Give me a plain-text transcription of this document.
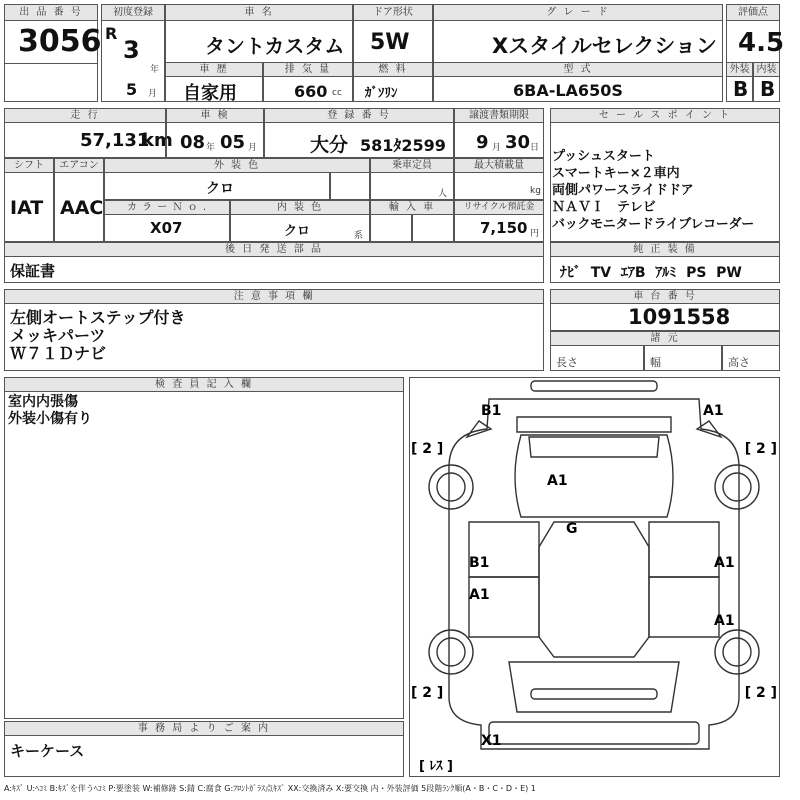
出 品 番 号
3056
初度登録
R
3
年
5 月
車 名
タントカスタム
ドア形状
5W
グ レ ー ド
Xスタイルセレクション
評価点
4.5
車 歴
自家用
排 気 量
660 cc
燃 料
ｶﾞｿﾘﾝ
型 式
6BA-LA650S
外装 内装
B B
走 行
57,131
km
車 検
08 年 05 月
登 録 番 号
大分 581ﾀ2599
譲渡書類期限
9 月 30 日
シフト	エアコン
IAT AAC
外 装 色
クロ
乗車定員
人
最大積載量
kg
カ ラ ー Ｎ ｏ .
X07
内 装 色
クロ	系
輸 入 車	リサイクル預託金
7,150 円
後 日 発 送 部 品
保証書
セ ー ル ス ポ イ ン ト
プッシュスタート
スマートキー×２車内
両側パワースライドドア
ＮＡＶＩ　テレビ
バックモニタードライブレコーダー
純 正 装 備
ﾅﾋﾞ TV ｴｱB ｱﾙﾐ PS PW
注 意 事 項 欄
左側オートステップ付き
メッキパーツ
Ｗ７１Ｄナビ
車 台 番 号
1091558
諸 元
長さ	幅	高さ
検 査 員 記 入 欄
室内内張傷
外装小傷有り
事 務 局 よ り ご 案 内
キーケース
B1	A1
A1
G
B1	A1
A1
A1
X1
[ 2 ]	[ 2 ]
[ 2 ]	[ 2 ]
[ ﾚｽ ]
A:ｷｽﾞ U:ﾍｺﾐ B:ｷｽﾞを伴うﾍｺﾐ P:要塗装 W:補修跡 S:錆 C:腐食 G:ﾌﾛﾝﾄｶﾞﾗｽ点ｷｽﾞ XX:交換済み X:要交換 内・外装評価 5段階ﾗﾝｸ順(A・B・C・D・E) 1
